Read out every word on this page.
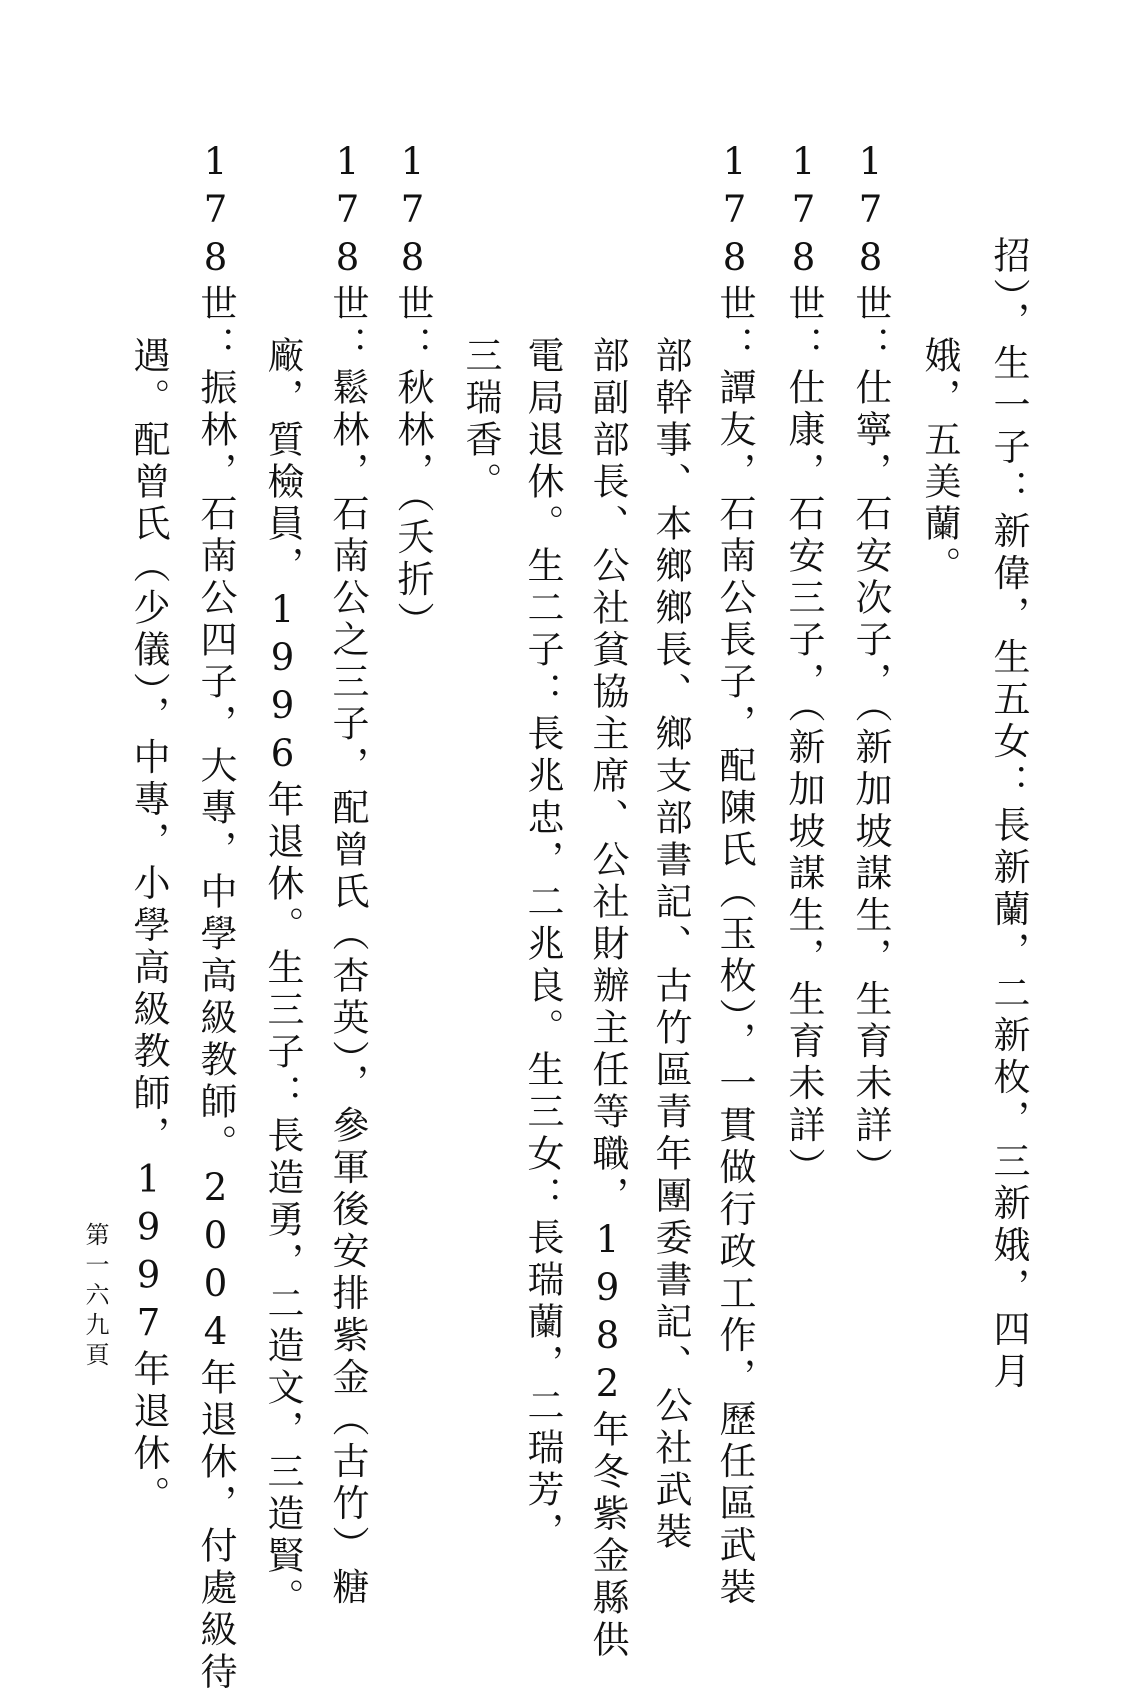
招），生一子：新偉，生五女：長新蘭，二新枚，三新娥，四月
娥，五美蘭。
178世：仕寧，石安次子，（新加坡謀生，生育未詳）
178世：仕康，石安三子，（新加坡謀生，生育未詳）
178世：譚友，石南公長子，配陳氏（玉枚），一貫做行政工作，歷任區武裝
部幹事、本鄉鄉長、鄉支部書記、古竹區青年團委書記、公社武裝
部副部長、公社貧協主席、公社財辦主任等職，1982年冬紫金縣供
電局退休。生二子：長兆忠，二兆良。生三女：長瑞蘭，二瑞芳，
三瑞香。
178世：秋林，（夭折）
178世：鬆林，石南公之三子，配曾氏（杏英），參軍後安排紫金（古竹）糖
廠，質檢員，1996年退休。生三子：長造勇，二造文，三造賢。
178世：振林，石南公四子，大專，中學高級教師。2004年退休，付處級待
遇。配曾氏（少儀），中專，小學高級教師，1997年退休。
第一六九頁
